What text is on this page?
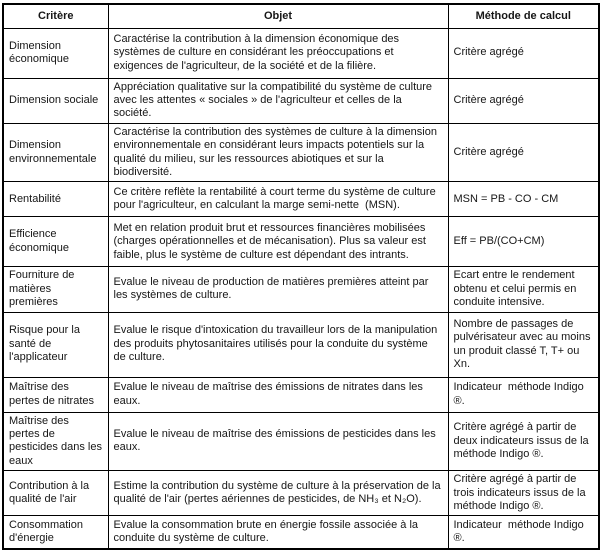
Critère	Objet	Méthode de calcul
Dimension économique	Caractérise la contribution à la dimension économique des systèmes de culture en considérant les préoccupations et exigences de l'agriculteur, de la société et de la filière.	Critère agrégé
Dimension sociale	Appréciation qualitative sur la compatibilité du système de culture avec les attentes « sociales » de l'agriculteur et celles de la société.	Critère agrégé
Dimension environnementale	Caractérise la contribution des systèmes de culture à la dimension environnementale en considérant leurs impacts potentiels sur la qualité du milieu, sur les ressources abiotiques et sur la biodiversité.	Critère agrégé
Rentabilité	Ce critère reflète la rentabilité à court terme du système de culture pour l'agriculteur, en calculant la marge semi-nette  (MSN).	MSN = PB - CO - CM
Efficience économique	Met en relation produit brut et ressources financières mobilisées (charges opérationnelles et de mécanisation). Plus sa valeur est faible, plus le système de culture est dépendant des intrants.	Eff = PB/(CO+CM)
Fourniture de matières premières	Evalue le niveau de production de matières premières atteint par les systèmes de culture.	Ecart entre le rendement obtenu et celui permis en conduite intensive.
Risque pour la santé de l'applicateur	Evalue le risque d'intoxication du travailleur lors de la manipulation des produits phytosanitaires utilisés pour la conduite du système de culture.	Nombre de passages de pulvérisateur avec au moins un produit classé T, T+ ou Xn.
Maîtrise des pertes de nitrates	Evalue le niveau de maîtrise des émissions de nitrates dans les eaux.	Indicateur  méthode Indigo ®.
Maîtrise des pertes de pesticides dans les eaux	Evalue le niveau de maîtrise des émissions de pesticides dans les eaux.	Critère agrégé à partir de deux indicateurs issus de la méthode Indigo ®.
Contribution à la qualité de l'air	Estime la contribution du système de culture à la préservation de la qualité de l'air (pertes aériennes de pesticides, de NH₃ et N₂O).	Critère agrégé à partir de trois indicateurs issus de la méthode Indigo ®.
Consommation d'énergie	Evalue la consommation brute en énergie fossile associée à la conduite du système de culture.	Indicateur  méthode Indigo ®.
